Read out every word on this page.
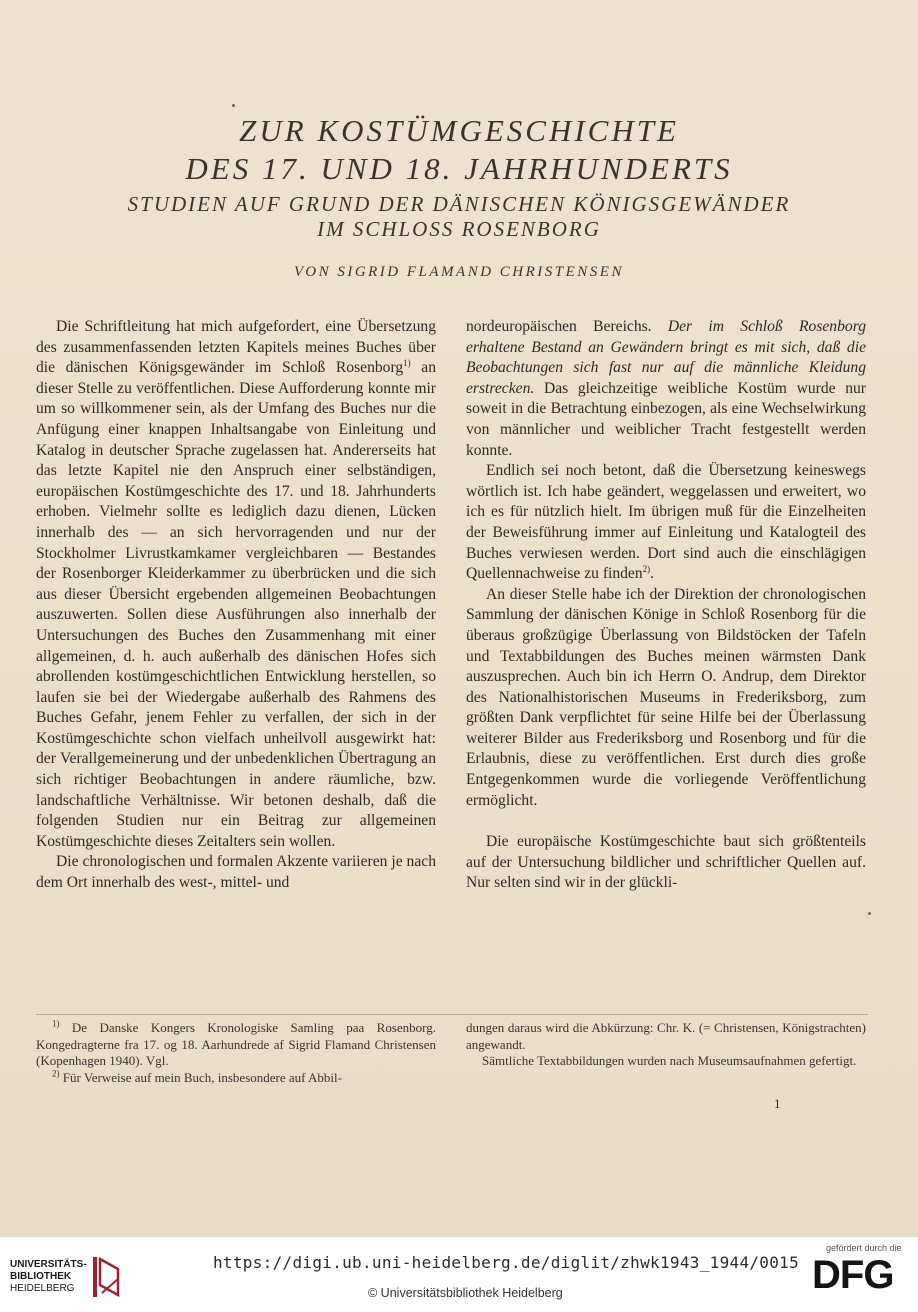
ZUR KOSTÜMGESCHICHTE
DES 17. UND 18. JAHRHUNDERTS
STUDIEN AUF GRUND DER DÄNISCHEN KÖNIGSGEWÄNDER
IM SCHLOSS ROSENBORG
VON SIGRID FLAMAND CHRISTENSEN

Die Schriftleitung hat mich aufgefordert, eine Übersetzung des zusammenfassenden letzten Kapitels meines Buches über die dänischen Königsgewänder im Schloß Rosenborg$^{1)}$ an dieser Stelle zu veröffentlichen. Diese Aufforderung konnte mir um so willkommener sein, als der Umfang des Buches nur die Anfügung einer knappen Inhaltsangabe von Einleitung und Katalog in deutscher Sprache zugelassen hat. Andererseits hat das letzte Kapitel nie den Anspruch einer selbständigen, europäischen Kostümgeschichte des 17. und 18. Jahrhunderts erhoben. Vielmehr sollte es lediglich dazu dienen, Lücken innerhalb des — an sich hervorragenden und nur der Stockholmer Livrustkamkamer vergleichbaren — Bestandes der Rosenborger Kleiderkammer zu überbrücken und die sich aus dieser Übersicht ergebenden allgemeinen Beobachtungen auszuwerten. Sollen diese Ausführungen also innerhalb der Untersuchungen des Buches den Zusammenhang mit einer allgemeinen, d. h. auch außerhalb des dänischen Hofes sich abrollenden kostümgeschichtlichen Entwicklung herstellen, so laufen sie bei der Wiedergabe außerhalb des Rahmens des Buches Gefahr, jenem Fehler zu verfallen, der sich in der Kostümgeschichte schon vielfach unheilvoll ausgewirkt hat: der Verallgemeinerung und der unbedenklichen Übertragung an sich richtiger Beobachtungen in andere räumliche, bzw. landschaftliche Verhältnisse. Wir betonen deshalb, daß die folgenden Studien nur ein Beitrag zur allgemeinen Kostümgeschichte dieses Zeitalters sein wollen.

Die chronologischen und formalen Akzente variieren je nach dem Ort innerhalb des west-, mittel- und

nordeuropäischen Bereichs. Der im Schloß Rosenborg erhaltene Bestand an Gewändern bringt es mit sich, daß die Beobachtungen sich fast nur auf die männliche Kleidung erstrecken. Das gleichzeitige weibliche Kostüm wurde nur soweit in die Betrachtung einbezogen, als eine Wechselwirkung von männlicher und weiblicher Tracht festgestellt werden konnte.

Endlich sei noch betont, daß die Übersetzung keineswegs wörtlich ist. Ich habe geändert, weggelassen und erweitert, wo ich es für nützlich hielt. Im übrigen muß für die Einzelheiten der Beweisführung immer auf Einleitung und Katalogteil des Buches verwiesen werden. Dort sind auch die einschlägigen Quellennachweise zu finden$^{2)}$.

An dieser Stelle habe ich der Direktion der chronologischen Sammlung der dänischen Könige in Schloß Rosenborg für die überaus großzügige Überlassung von Bildstöcken der Tafeln und Textabbildungen des Buches meinen wärmsten Dank auszusprechen. Auch bin ich Herrn O. Andrup, dem Direktor des Nationalhistorischen Museums in Frederiksborg, zum größten Dank verpflichtet für seine Hilfe bei der Überlassung weiterer Bilder aus Frederiksborg und Rosenborg und für die Erlaubnis, diese zu veröffentlichen. Erst durch dies große Entgegenkommen wurde die vorliegende Veröffentlichung ermöglicht.

Die europäische Kostümgeschichte baut sich größtenteils auf der Untersuchung bildlicher und schriftlicher Quellen auf. Nur selten sind wir in der glückli-

$^{1)}$ De Danske Kongers Kronologiske Samling paa Rosenborg. Kongedragterne fra 17. og 18. Aarhundrede af Sigrid Flamand Christensen (Kopenhagen 1940). Vgl.

$^{2)}$ Für Verweise auf mein Buch, insbesondere auf Abbil-

dungen daraus wird die Abkürzung: Chr. K. (= Christensen, Königstrachten) angewandt.

Sämtliche Textabbildungen wurden nach Museumsaufnahmen gefertigt.

1
UNIVERSITÄTS-
BIBLIOTHEK
HEIDELBERG
https://digi.ub.uni-heidelberg.de/diglit/zhwk1943_1944/0015
© Universitätsbibliothek Heidelberg
gefördert durch die
DFG
